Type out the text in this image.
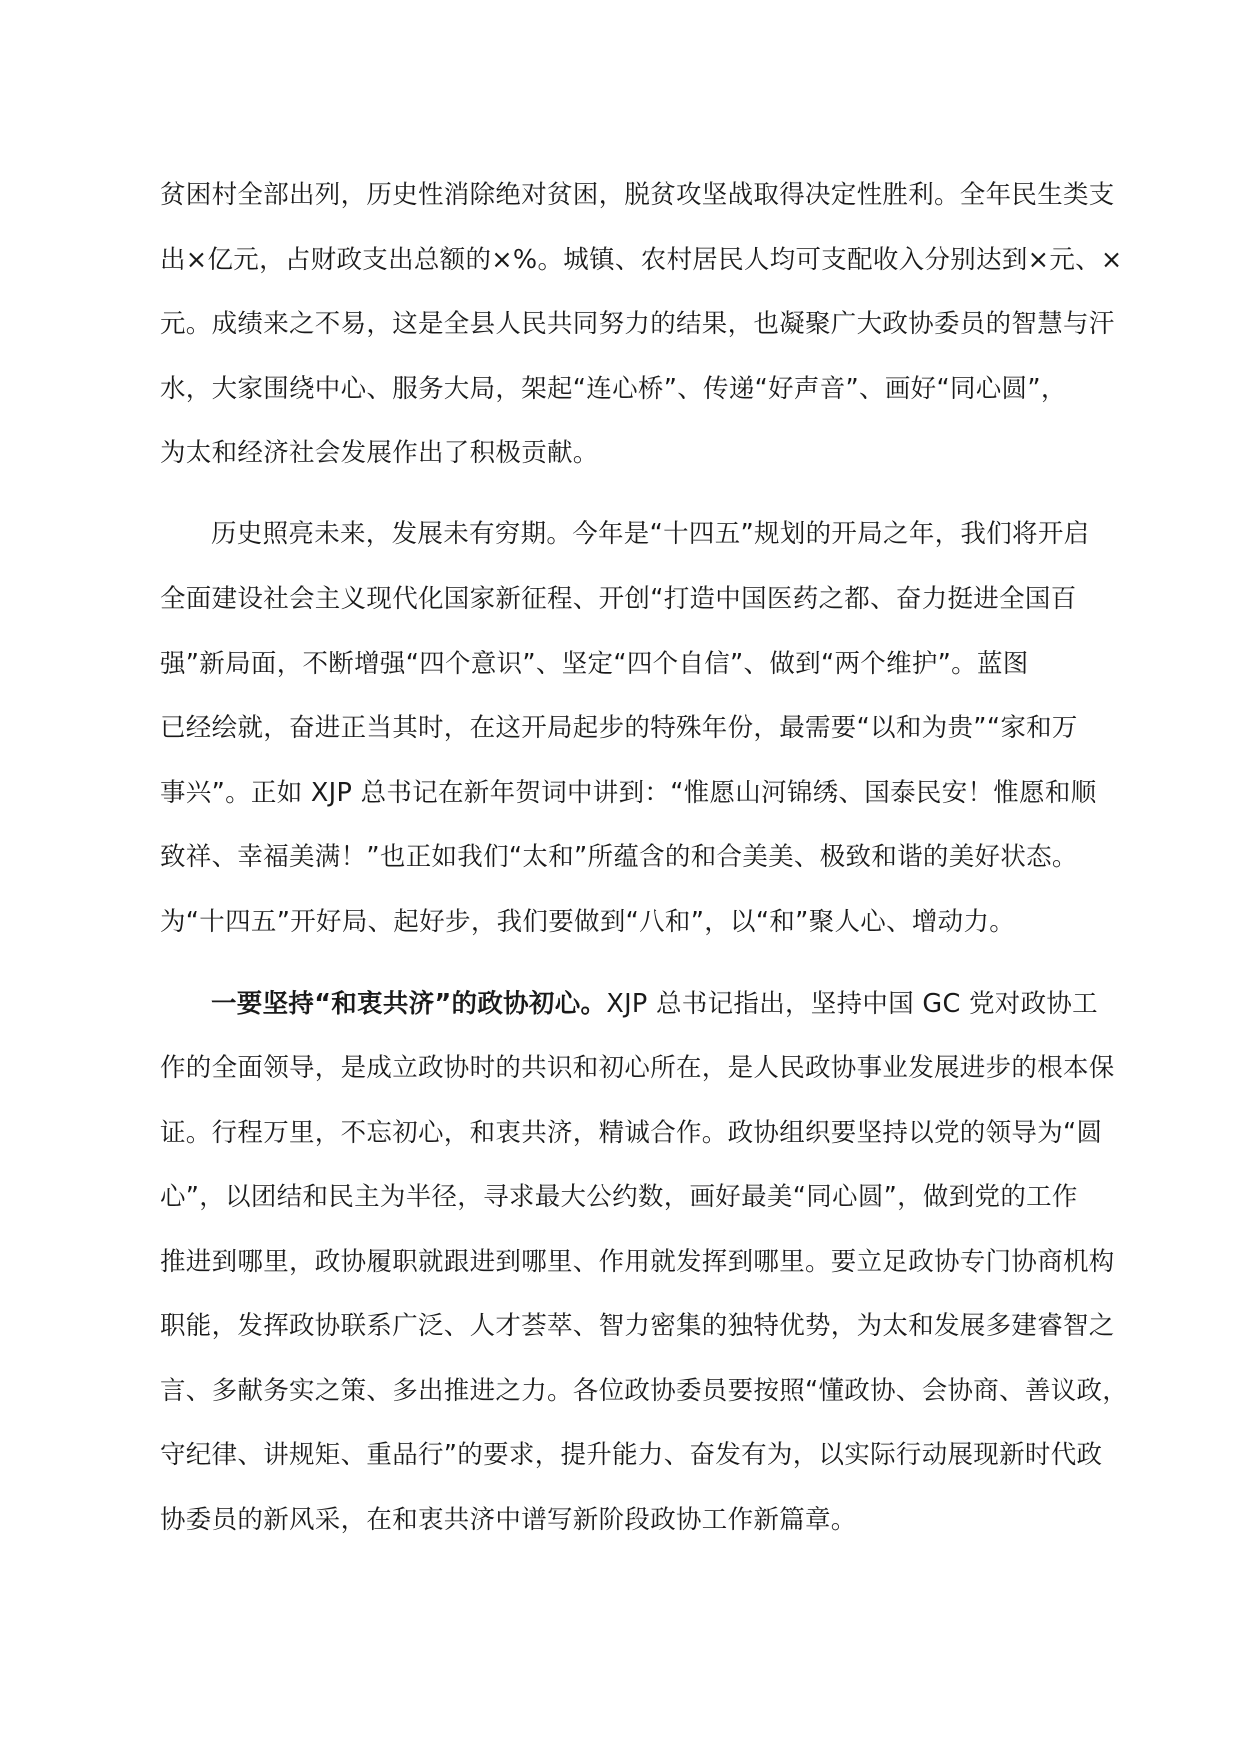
贫困村全部出列，历史性消除绝对贫困，脱贫攻坚战取得决定性胜利。全年民生类支
出×亿元，占财政支出总额的×%。城镇、农村居民人均可支配收入分别达到×元、×
元。成绩来之不易，这是全县人民共同努力的结果，也凝聚广大政协委员的智慧与汗
水，大家围绕中心、服务大局，架起“连心桥”、传递“好声音”、画好“同心圆”，
为太和经济社会发展作出了积极贡献。
历史照亮未来，发展未有穷期。今年是“十四五”规划的开局之年，我们将开启
全面建设社会主义现代化国家新征程、开创“打造中国医药之都、奋力挺进全国百
强”新局面，不断增强“四个意识”、坚定“四个自信”、做到“两个维护”。蓝图
已经绘就，奋进正当其时，在这开局起步的特殊年份，最需要“以和为贵”“家和万
事兴”。正如 XJP 总书记在新年贺词中讲到：“惟愿山河锦绣、国泰民安！惟愿和顺
致祥、幸福美满！”也正如我们“太和”所蕴含的和合美美、极致和谐的美好状态。
为“十四五”开好局、起好步，我们要做到“八和”，以“和”聚人心、增动力。
一要坚持“和衷共济”的政协初心。XJP 总书记指出，坚持中国 GC 党对政协工
作的全面领导，是成立政协时的共识和初心所在，是人民政协事业发展进步的根本保
证。行程万里，不忘初心，和衷共济，精诚合作。政协组织要坚持以党的领导为“圆
心”，以团结和民主为半径，寻求最大公约数，画好最美“同心圆”，做到党的工作
推进到哪里，政协履职就跟进到哪里、作用就发挥到哪里。要立足政协专门协商机构
职能，发挥政协联系广泛、人才荟萃、智力密集的独特优势，为太和发展多建睿智之
言、多献务实之策、多出推进之力。各位政协委员要按照“懂政协、会协商、善议政，
守纪律、讲规矩、重品行”的要求，提升能力、奋发有为，以实际行动展现新时代政
协委员的新风采，在和衷共济中谱写新阶段政协工作新篇章。
